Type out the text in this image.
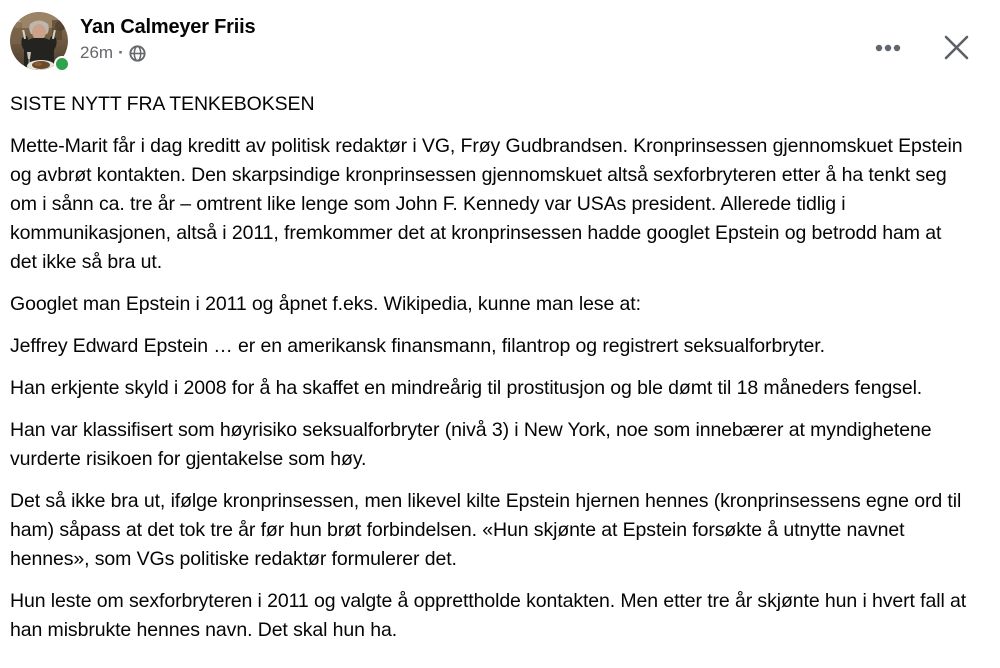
Yan Calmeyer Friis
26m ·

SISTE NYTT FRA TENKEBOKSEN

Mette-Marit får i dag kreditt av politisk redaktør i VG, Frøy Gudbrandsen. Kronprinsessen gjennomskuet Epstein og avbrøt kontakten. Den skarpsindige kronprinsessen gjennomskuet altså sexforbryteren etter å ha tenkt seg om i sånn ca. tre år – omtrent like lenge som John F. Kennedy var USAs president. Allerede tidlig i kommunikasjonen, altså i 2011, fremkommer det at kronprinsessen hadde googlet Epstein og betrodd ham at det ikke så bra ut.

Googlet man Epstein i 2011 og åpnet f.eks. Wikipedia, kunne man lese at:

Jeffrey Edward Epstein … er en amerikansk finansmann, filantrop og registrert seksualforbryter.

Han erkjente skyld i 2008 for å ha skaffet en mindreårig til prostitusjon og ble dømt til 18 måneders fengsel.

Han var klassifisert som høyrisiko seksualforbryter (nivå 3) i New York, noe som innebærer at myndighetene vurderte risikoen for gjentakelse som høy.

Det så ikke bra ut, ifølge kronprinsessen, men likevel kilte Epstein hjernen hennes (kronprinsessens egne ord til ham) såpass at det tok tre år før hun brøt forbindelsen. «Hun skjønte at Epstein forsøkte å utnytte navnet hennes», som VGs politiske redaktør formulerer det.

Hun leste om sexforbryteren i 2011 og valgte å opprettholde kontakten. Men etter tre år skjønte hun i hvert fall at han misbrukte hennes navn. Det skal hun ha.
